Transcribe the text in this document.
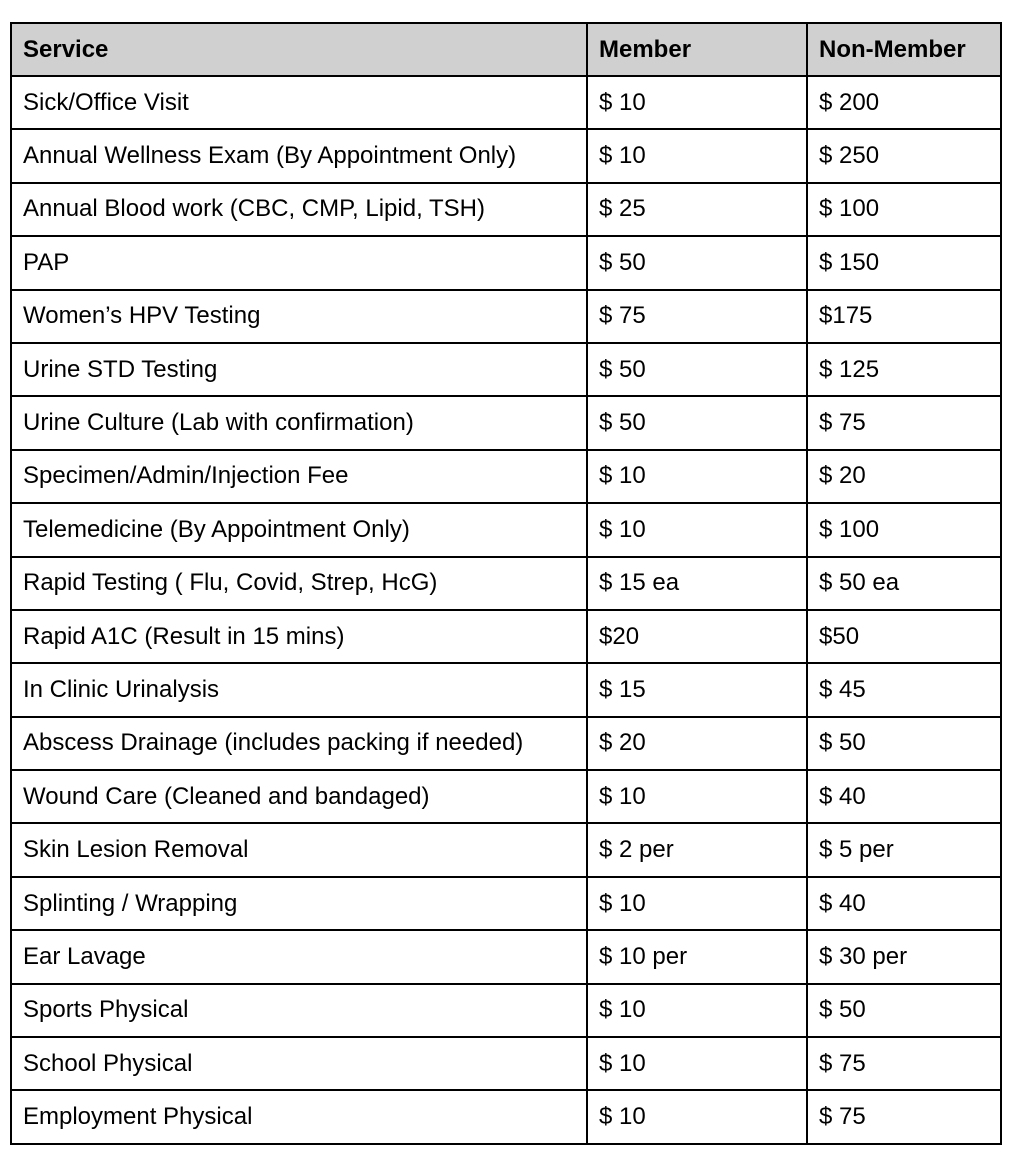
Service	Member	Non-Member
Sick/Office Visit	$ 10	$ 200
Annual Wellness Exam (By Appointment Only)	$ 10	$ 250
Annual Blood work (CBC, CMP, Lipid, TSH)	$ 25	$ 100
PAP	$ 50	$ 150
Women’s HPV Testing	$ 75	$175
Urine STD Testing	$ 50	$ 125
Urine Culture (Lab with confirmation)	$ 50	$ 75
Specimen/Admin/Injection Fee	$ 10	$ 20
Telemedicine (By Appointment Only)	$ 10	$ 100
Rapid Testing ( Flu, Covid, Strep, HcG)	$ 15 ea	$ 50 ea
Rapid A1C (Result in 15 mins)	$20	$50
In Clinic Urinalysis	$ 15	$ 45
Abscess Drainage (includes packing if needed)	$ 20	$ 50
Wound Care (Cleaned and bandaged)	$ 10	$ 40
Skin Lesion Removal	$ 2 per	$ 5 per
Splinting / Wrapping	$ 10	$ 40
Ear Lavage	$ 10 per	$ 30 per
Sports Physical	$ 10	$ 50
School Physical	$ 10	$ 75
Employment Physical	$ 10	$ 75
